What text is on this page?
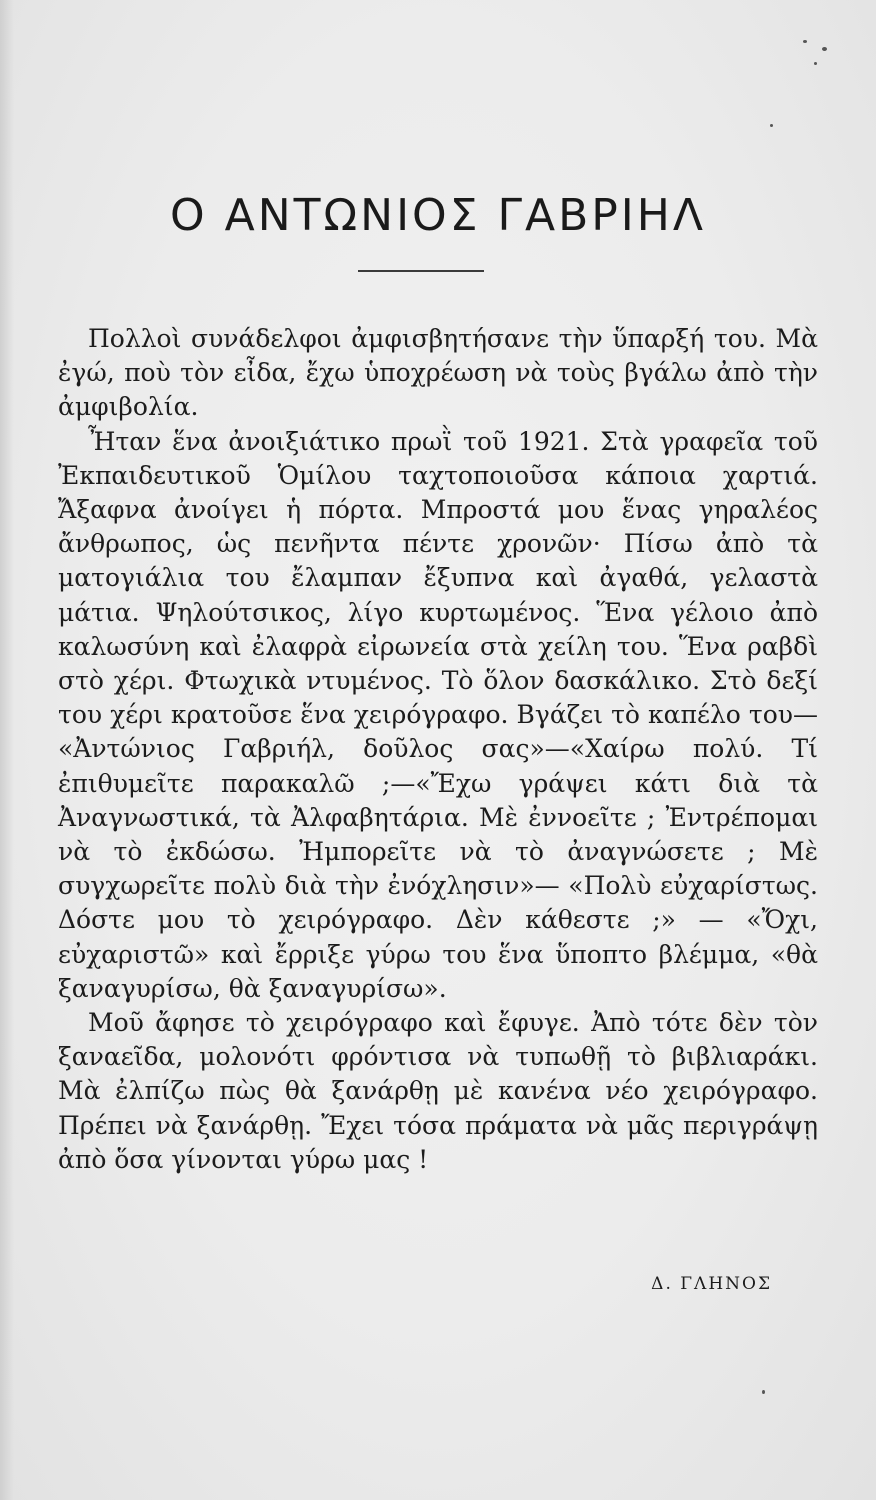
Ο ΑΝΤΩΝΙΟΣ ΓΑΒΡΙΗΛ

Πολλοὶ συνάδελφοι ἀμφισβητήσανε τὴν ὕπαρξή του. Μὰ ἐγώ, ποὺ τὸν εἶδα, ἔχω ὑποχρέωση νὰ τοὺς βγάλω ἀπὸ τὴν ἀμφιβολία.

Ἦταν ἕνα ἀνοιξιάτικο πρωῒ τοῦ 1921. Στὰ γραφεῖα τοῦ Ἐκπαιδευτικοῦ Ὁμίλου ταχτοποιοῦσα κάποια χαρτιά. Ἄξαφνα ἀνοίγει ἡ πόρτα. Μπροστά μου ἕνας γηραλέος ἄνθρωπος, ὡς πενῆντα πέντε χρονῶν· Πίσω ἀπὸ τὰ ματογιάλια του ἔλαμπαν ἔξυπνα καὶ ἀγαθά, γελαστὰ μάτια. Ψηλούτσικος, λίγο κυρτωμένος. Ἕνα γέλοιο ἀπὸ καλωσύνη καὶ ἐλαφρὰ εἰρωνεία στὰ χείλη του. Ἕνα ραβδὶ στὸ χέρι. Φτωχικὰ ντυμένος. Τὸ ὅλον δασκάλικο. Στὸ δεξί του χέρι κρατοῦσε ἕνα χειρόγραφο. Βγάζει τὸ καπέλο του— «Ἀντώνιος Γαβριήλ, δοῦλος σας»—«Χαίρω πολύ. Τί ἐπιθυμεῖτε παρακαλῶ ;—«Ἔχω γράψει κάτι διὰ τὰ Ἀναγνωστικά, τὰ Ἀλφαβητάρια. Μὲ ἐννοεῖτε ; Ἐντρέπομαι νὰ τὸ ἐκδώσω. Ἠμπορεῖτε νὰ τὸ ἀναγνώσετε ; Μὲ συγχωρεῖτε πολὺ διὰ τὴν ἐνόχλησιν»— «Πολὺ εὐχαρίστως. Δόστε μου τὸ χειρόγραφο. Δὲν κάθεστε ;» — «Ὄχι, εὐχαριστῶ» καὶ ἔρριξε γύρω του ἕνα ὕποπτο βλέμμα, «θὰ ξαναγυρίσω, θὰ ξαναγυρίσω».

Μοῦ ἄφησε τὸ χειρόγραφο καὶ ἔφυγε. Ἀπὸ τότε δὲν τὸν ξαναεῖδα, μολονότι φρόντισα νὰ τυπωθῇ τὸ βιβλιαράκι. Μὰ ἐλπίζω πὼς θὰ ξανάρθῃ μὲ κανένα νέο χειρόγραφο. Πρέπει νὰ ξανάρθῃ. Ἔχει τόσα πράματα νὰ μᾶς περιγράψῃ ἀπὸ ὅσα γίνονται γύρω μας !

Δ. ΓΛΗΝΟΣ
